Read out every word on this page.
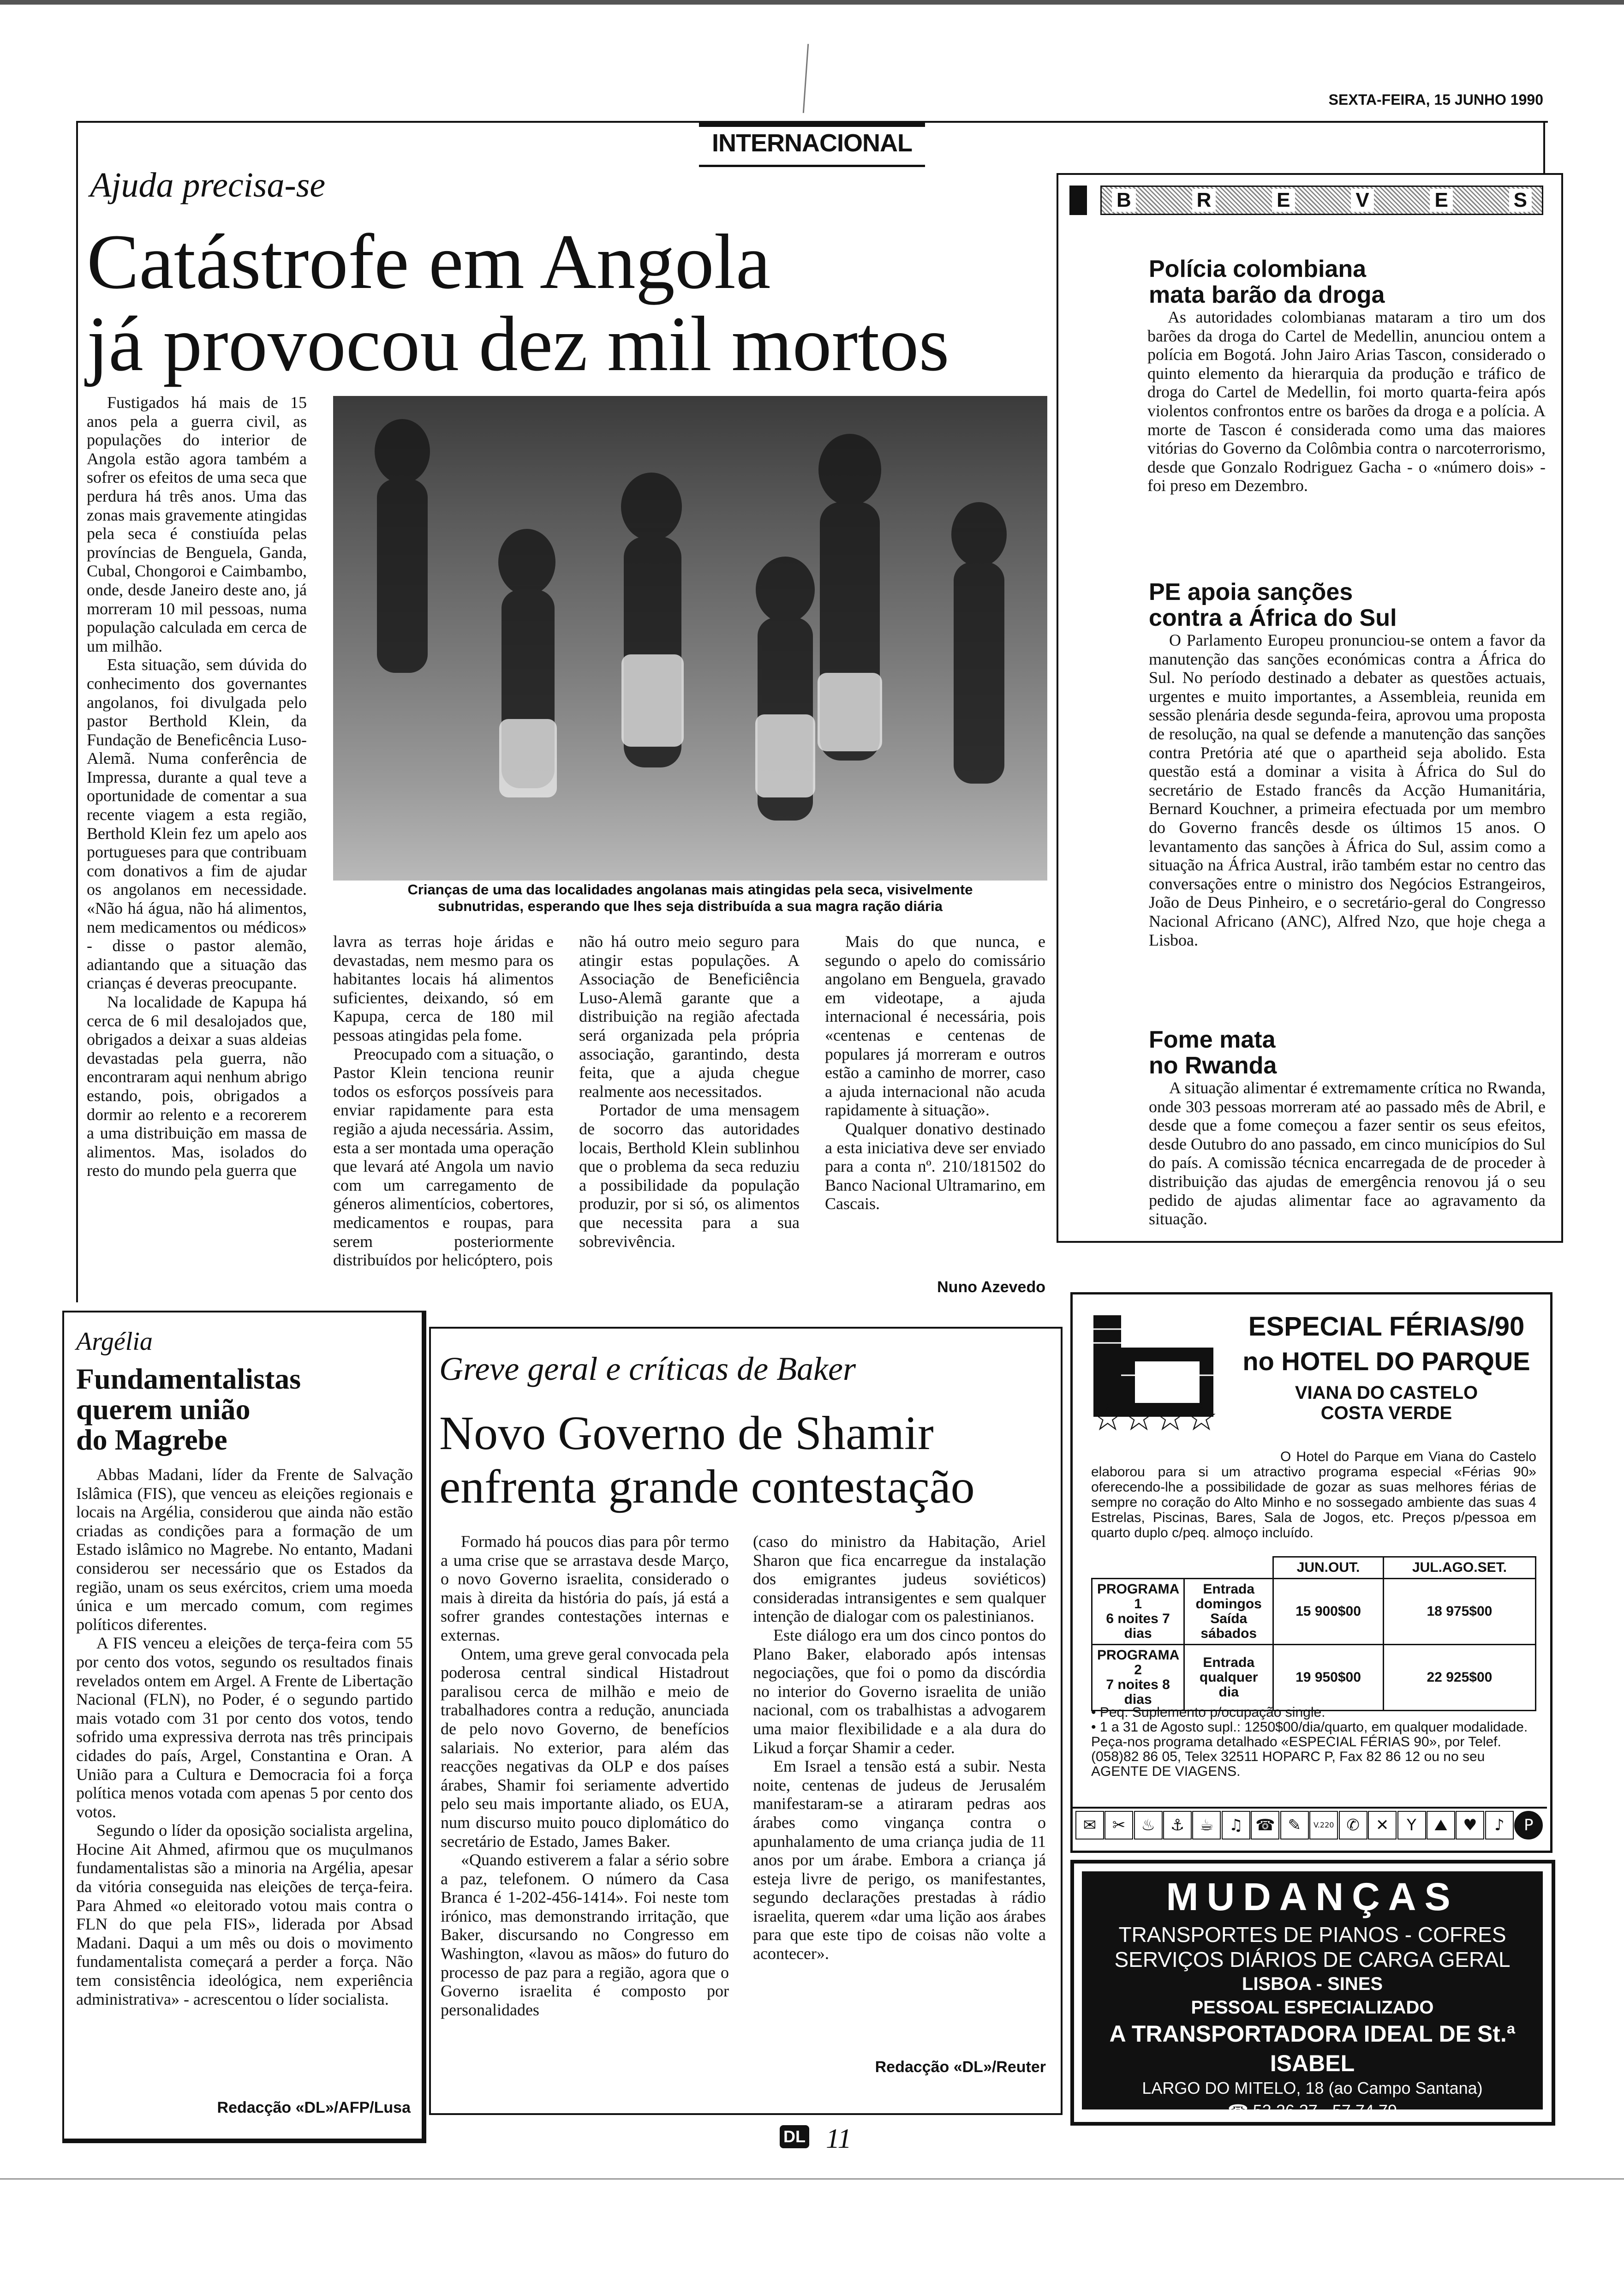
SEXTA-FEIRA, 15 JUNHO 1990
INTERNACIONAL
Ajuda precisa-se
Catástrofe em Angola
já provocou dez mil mortos

Fustigados há mais de 15 anos pela a guerra civil, as populações do interior de Angola estão agora também a sofrer os efeitos de uma seca que perdura há três anos. Uma das zonas mais gravemente atingidas pela seca é constiuída pelas províncias de Benguela, Ganda, Cubal, Chongoroi e Caimbambo, onde, desde Janeiro deste ano, já morreram 10 mil pessoas, numa população calculada em cerca de um milhão.

Esta situação, sem dúvida do conhecimento dos governantes angolanos, foi divulgada pelo pastor Berthold Klein, da Fundação de Beneficência Luso-Alemã. Numa conferência de Impressa, durante a qual teve a oportunidade de comentar a sua recente viagem a esta região, Berthold Klein fez um apelo aos portugueses para que contribuam com donativos a fim de ajudar os angolanos em necessidade. «Não há água, não há alimentos, nem medicamentos ou médicos» - disse o pastor alemão, adiantando que a situação das crianças é deveras preocupante.

Na localidade de Kapupa há cerca de 6 mil desalojados que, obrigados a deixar a suas aldeias devastadas pela guerra, não encontraram aqui nenhum abrigo estando, pois, obrigados a dormir ao relento e a recorerem a uma distribuição em massa de alimentos. Mas, isolados do resto do mundo pela guerra que

Crianças de uma das localidades angolanas mais atingidas pela seca, visivelmente
subnutridas, esperando que lhes seja distribuída a sua magra ração diária

lavra as terras hoje áridas e devastadas, nem mesmo para os habitantes locais há alimentos suficientes, deixando, só em Kapupa, cerca de 180 mil pessoas atingidas pela fome.

Preocupado com a situação, o Pastor Klein tenciona reunir todos os esforços possíveis para enviar rapidamente para esta região a ajuda necessária. Assim, esta a ser montada uma operação que levará até Angola um navio com um carregamento de géneros alimentícios, cobertores, medicamentos e roupas, para serem posteriormente distribuídos por helicóptero, pois

não há outro meio seguro para atingir estas populações. A Associação de Beneficiência Luso-Alemã garante que a distribuição na região afectada será organizada pela própria associação, garantindo, desta feita, que a ajuda chegue realmente aos necessitados.

Portador de uma mensagem de socorro das autoridades locais, Berthold Klein sublinhou que o problema da seca reduziu a possibilidade da população produzir, por si só, os alimentos que necessita para a sua sobrevivência.

Mais do que nunca, e segundo o apelo do comissário angolano em Benguela, gravado em videotape, a ajuda internacional é necessária, pois «centenas e centenas de populares já morreram e outros estão a caminho de morrer, caso a ajuda internacional não acuda rapidamente à situação».

Qualquer donativo destinado a esta iniciativa deve ser enviado para a conta nº. 210/181502 do Banco Nacional Ultramarino, em Cascais.

Nuno Azevedo
B	R	E	V	E	S
Polícia colombiana
mata barão da droga

As autoridades colombianas mataram a tiro um dos barões da droga do Cartel de Medellin, anunciou ontem a polícia em Bogotá. John Jairo Arias Tascon, considerado o quinto elemento da hierarquia da produção e tráfico de droga do Cartel de Medellin, foi morto quarta-feira após violentos confrontos entre os barões da droga e a polícia. A morte de Tascon é considerada como uma das maiores vitórias do Governo da Colômbia contra o narcoterrorismo, desde que Gonzalo Rodriguez Gacha - o «número dois» - foi preso em Dezembro.

PE apoia sanções
contra a África do Sul

O Parlamento Europeu pronunciou-se ontem a favor da manutenção das sanções económicas contra a África do Sul. No período destinado a debater as questões actuais, urgentes e muito importantes, a Assembleia, reunida em sessão plenária desde segunda-feira, aprovou uma proposta de resolução, na qual se defende a manutenção das sanções contra Pretória até que o apartheid seja abolido. Esta questão está a dominar a visita à África do Sul do secretário de Estado francês da Acção Humanitária, Bernard Kouchner, a primeira efectuada por um membro do Governo francês desde os últimos 15 anos. O levantamento das sanções à África do Sul, assim como a situação na África Austral, irão também estar no centro das conversações entre o ministro dos Negócios Estrangeiros, João de Deus Pinheiro, e o secretário-geral do Congresso Nacional Africano (ANC), Alfred Nzo, que hoje chega a Lisboa.

Fome mata
no Rwanda

A situação alimentar é extremamente crítica no Rwanda, onde 303 pessoas morreram até ao passado mês de Abril, e desde que a fome começou a fazer sentir os seus efeitos, desde Outubro do ano passado, em cinco municípios do Sul do país. A comissão técnica encarregada de de proceder à distribuição das ajudas de emergência renovou já o seu pedido de ajudas alimentar face ao agravamento da situação.

Argélia
Fundamentalistas
querem união
do Magrebe

Abbas Madani, líder da Frente de Salvação Islâmica (FIS), que venceu as eleições regionais e locais na Argélia, considerou que ainda não estão criadas as condições para a formação de um Estado islâmico no Magrebe. No entanto, Madani considerou ser necessário que os Estados da região, unam os seus exércitos, criem uma moeda única e um mercado comum, com regimes políticos diferentes.

A FIS venceu a eleições de terça-feira com 55 por cento dos votos, segundo os resultados finais revelados ontem em Argel. A Frente de Libertação Nacional (FLN), no Poder, é o segundo partido mais votado com 31 por cento dos votos, tendo sofrido uma expressiva derrota nas três principais cidades do país, Argel, Constantina e Oran. A União para a Cultura e Democracia foi a força política menos votada com apenas 5 por cento dos votos.

Segundo o líder da oposição socialista argelina, Hocine Ait Ahmed, afirmou que os muçulmanos fundamentalistas são a minoria na Argélia, apesar da vitória conseguida nas eleições de terça-feira. Para Ahmed «o eleitorado votou mais contra o FLN do que pela FIS», liderada por Absad Madani. Daqui a um mês ou dois o movimento fundamentalista começará a perder a força. Não tem consistência ideológica, nem experiência administrativa» - acrescentou o líder socialista.

Redacção «DL»/AFP/Lusa
Greve geral e críticas de Baker
Novo Governo de Shamir
enfrenta grande contestação

Formado há poucos dias para pôr termo a uma crise que se arrastava desde Março, o novo Governo israelita, considerado o mais à direita da história do país, já está a sofrer grandes contestações internas e externas.

Ontem, uma greve geral convocada pela poderosa central sindical Histadrout paralisou cerca de milhão e meio de trabalhadores contra a redução, anunciada de pelo novo Governo, de benefícios salariais. No exterior, para além das reacções negativas da OLP e dos países árabes, Shamir foi seriamente advertido pelo seu mais importante aliado, os EUA, num discurso muito pouco diplomático do secretário de Estado, James Baker.

«Quando estiverem a falar a sério sobre a paz, telefonem. O número da Casa Branca é 1-202-456-1414». Foi neste tom irónico, mas demonstrando irritação, que Baker, discursando no Congresso em Washington, «lavou as mãos» do futuro do processo de paz para a região, agora que o Governo israelita é composto por personalidades

(caso do ministro da Habitação, Ariel Sharon que fica encarregue da instalação dos emigrantes judeus soviéticos) consideradas intransigentes e sem qualquer intenção de dialogar com os palestinianos.

Este diálogo era um dos cinco pontos do Plano Baker, elaborado após intensas negociações, que foi o pomo da discórdia no interior do Governo israelita de união nacional, com os trabalhistas a advogarem uma maior flexibilidade e a ala dura do Likud a forçar Shamir a ceder.

Em Israel a tensão está a subir. Nesta noite, centenas de judeus de Jerusalém manifestaram-se a atiraram pedras aos árabes como vingança contra o apunhalamento de uma criança judia de 11 anos por um árabe. Embora a criança já esteja livre de perigo, os manifestantes, segundo declarações prestadas à rádio israelita, querem «dar uma lição aos árabes para que este tipo de coisas não volte a acontecer».

Redacção «DL»/Reuter
ESPECIAL FÉRIAS/90
no HOTEL DO PARQUE
VIANA DO CASTELO
COSTA VERDE
☆☆☆☆
O Hotel do Parque em Viana do Castelo elaborou para si um atractivo programa especial «Férias 90» oferecendo-lhe a possibilidade de gozar as suas melhores férias de sempre no coração do Alto Minho e no sossegado ambiente das suas 4 Estrelas, Piscinas, Bares, Sala de Jogos, etc. Preços p/pessoa em quarto duplo c/peq. almoço incluído.
		JUN.OUT.	JUL.AGO.SET.

PROGRAMA 1
6 noites 7 dias	Entrada domingos Saída sábados	15 900$00	18 975$00

PROGRAMA 2
7 noites 8 dias	Entrada qualquer dia	19 950$00	22 925$00
• Peq. Suplemento p/ocupação single.
• 1 a 31 de Agosto supl.: 1250$00/dia/quarto, em qualquer modalidade.
Peça-nos programa detalhado «ESPECIAL FÉRIAS 90», por Telef. (058)82 86 05, Telex 32511 HOPARC P, Fax 82 86 12 ou no seu AGENTE DE VIAGENS.
✉	✂ ♨ ⚓ ☕ ♫ ☎ ✎	V.220 ✆	✕	Y	⛰ ♥	♪	P
MUDANÇAS
TRANSPORTES DE PIANOS - COFRES
SERVIÇOS DIÁRIOS DE CARGA GERAL
LISBOA - SINES
PESSOAL ESPECIALIZADO
A TRANSPORTADORA IDEAL DE St.ª ISABEL
LARGO DO MITELO, 18 (ao Campo Santana)
☎ 53 26 37 - 57 74 79
DL 11
